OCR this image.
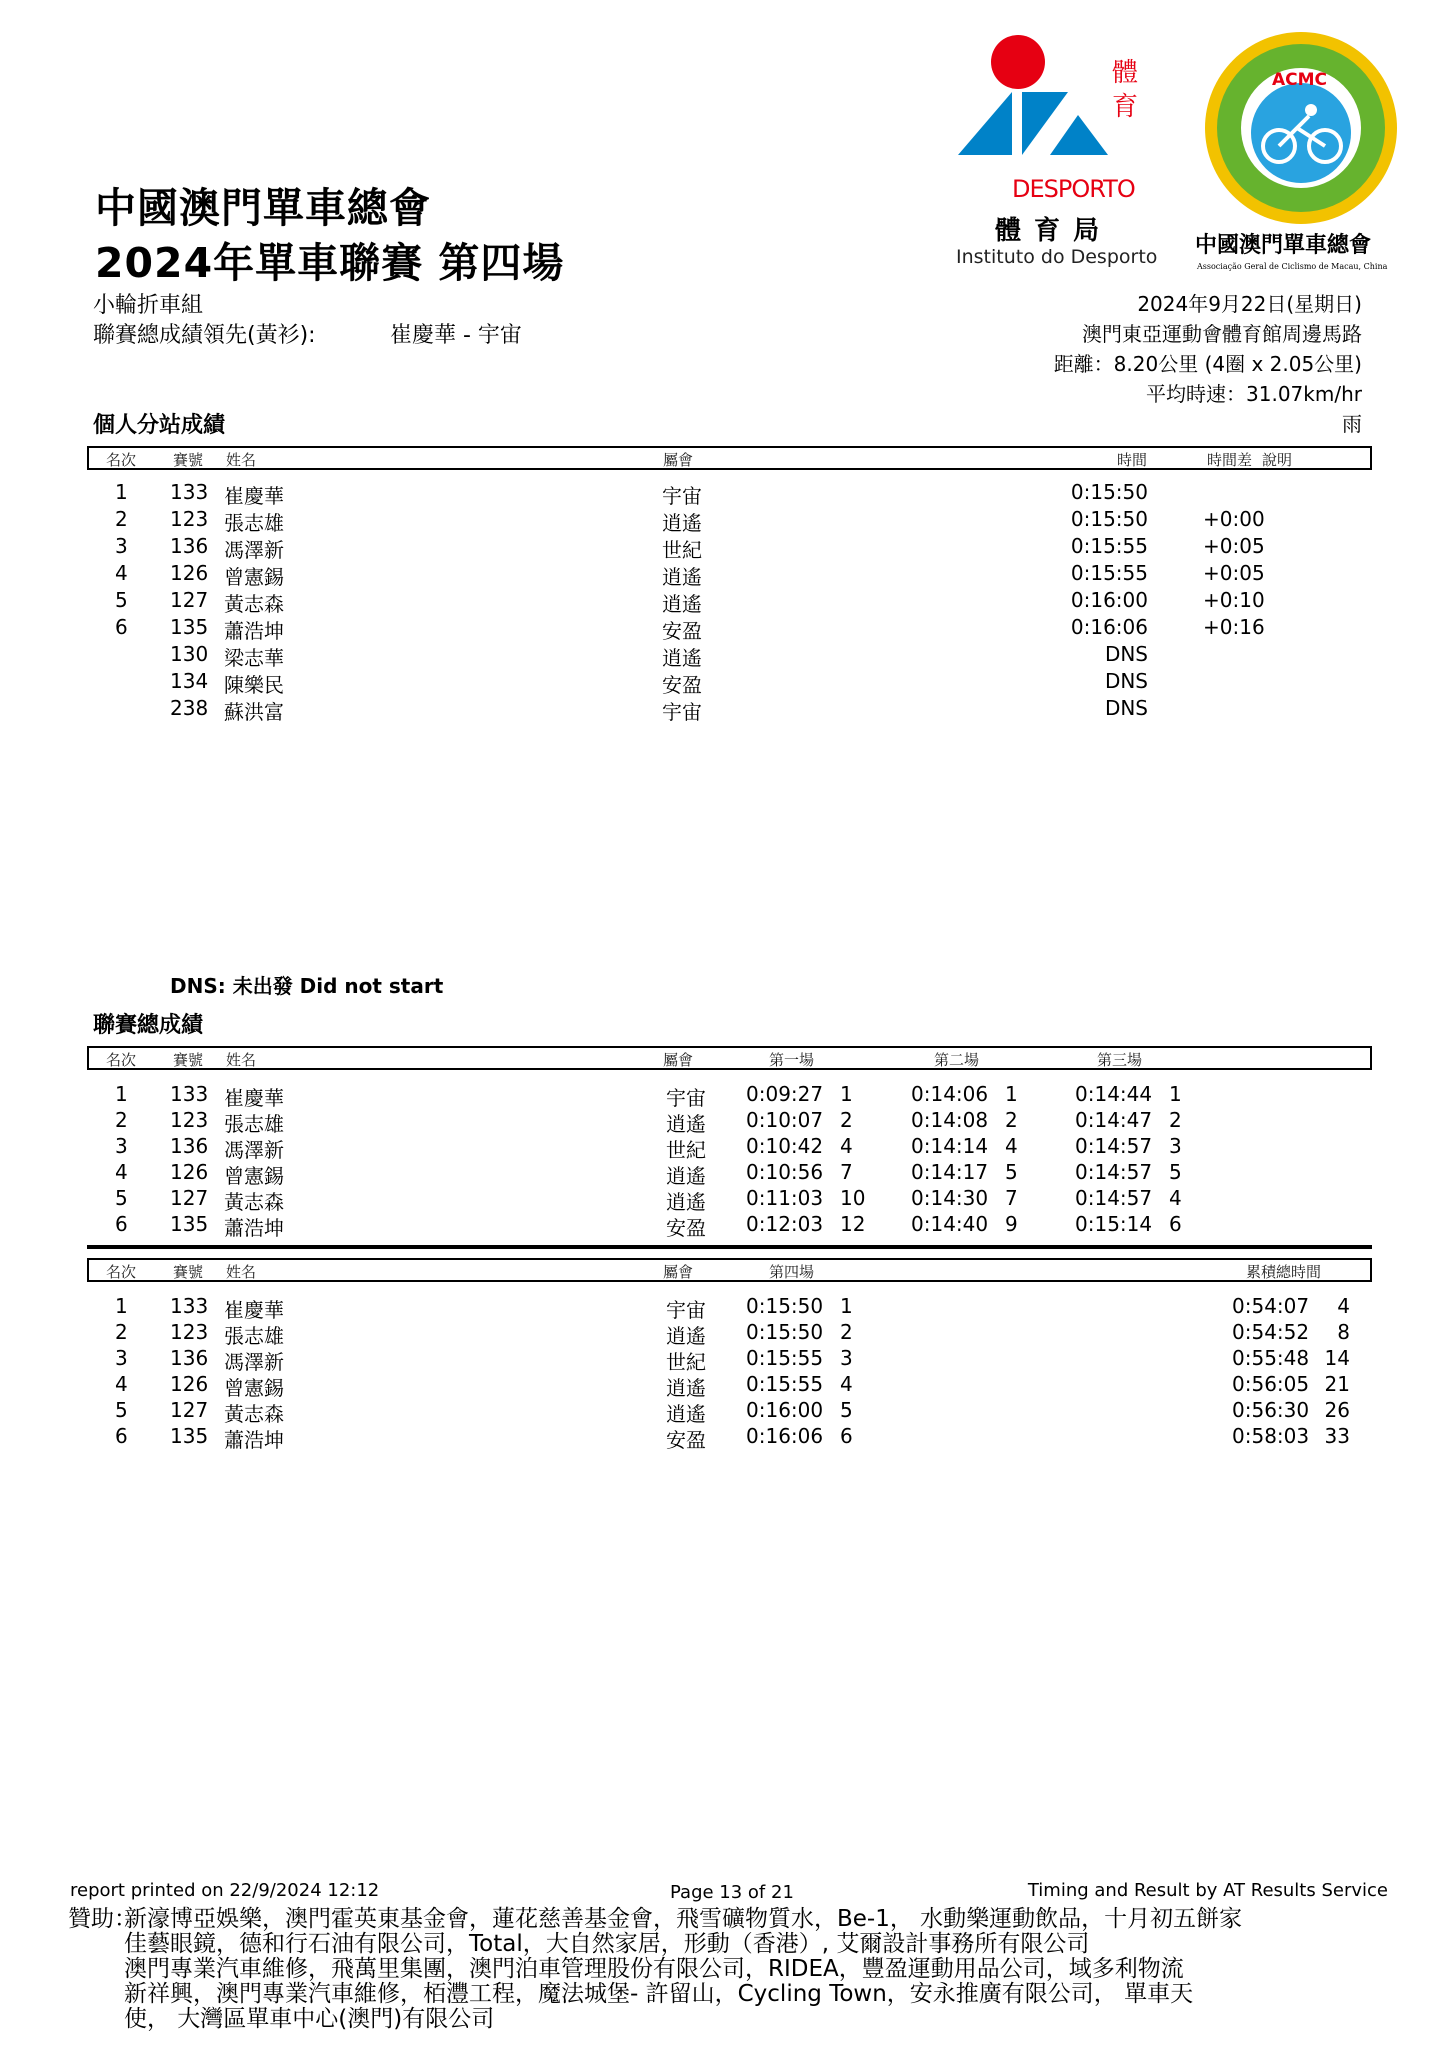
中國澳門單車總會
2024年單車聯賽 第四場
小輪折車組
聯賽總成績領先(黃衫):	崔慶華 - 宇宙
2024年9月22日(星期日)
澳門東亞運動會體育館周邊馬路
距離：8.20公里 (4圈 x 2.05公里)
平均時速：31.07km/hr
雨
體育
DESPORTO
體 育 局
Instituto do Desporto
ACMC
中國澳門單車總會
Associação Geral de Ciclismo de Macau, China
個人分站成績
名次 賽號 姓名	屬會	時間	時間差 說明
1 133 崔慶華	宇宙	0:15:50
2 123 張志雄	逍遙	0:15:50	+0:00
3 136 馮澤新	世紀	0:15:55	+0:05
4 126 曾憲錫	逍遙	0:15:55	+0:05
5 127 黃志森	逍遙	0:16:00	+0:10
6 135 蕭浩坤	安盈	0:16:06	+0:16
130 梁志華	逍遙	DNS
134 陳樂民	安盈	DNS
238 蘇洪富	宇宙	DNS
DNS: 未出發 Did not start
聯賽總成績
名次 賽號 姓名	屬會	第一場	第二場	第三場
1 133 崔慶華	宇宙 0:09:27 1	0:14:06 1	0:14:44 1
2 123 張志雄	逍遙 0:10:07 2	0:14:08 2	0:14:47 2
3 136 馮澤新	世紀 0:10:42 4	0:14:14 4	0:14:57 3
4 126 曾憲錫	逍遙 0:10:56 7	0:14:17 5	0:14:57 5
5 127 黃志森	逍遙 0:11:03 10 0:14:30 7	0:14:57 4
6 135 蕭浩坤	安盈 0:12:03 12 0:14:40 9	0:15:14 6
名次 賽號 姓名	屬會	第四場	累積總時間
1 133 崔慶華	宇宙 0:15:50 1	0:54:07 4
2 123 張志雄	逍遙 0:15:50 2	0:54:52 8
3 136 馮澤新	世紀 0:15:55 3	0:55:48 14
4 126 曾憲錫	逍遙 0:15:55 4	0:56:05 21
5 127 黃志森	逍遙 0:16:00 5	0:56:30 26
6 135 蕭浩坤	安盈 0:16:06 6	0:58:03 33
report printed on 22/9/2024 12:12	Page 13 of 21	Timing and Result by AT Results Service
贊助：
新濠博亞娛樂，澳門霍英東基金會，蓮花慈善基金會，飛雪礦物質水，Be-1， 水動樂運動飲品，十月初五餅家
佳藝眼鏡，德和行石油有限公司，Total，大自然家居，形動（香港）, 艾爾設計事務所有限公司
澳門專業汽車維修，飛萬里集團，澳門泊車管理股份有限公司，RIDEA，豐盈運動用品公司，域多利物流
新祥興，澳門專業汽車維修，栢灃工程，魔法城堡- 許留山，Cycling Town，安永推廣有限公司， 單車天
使， 大灣區單車中心(澳門)有限公司
